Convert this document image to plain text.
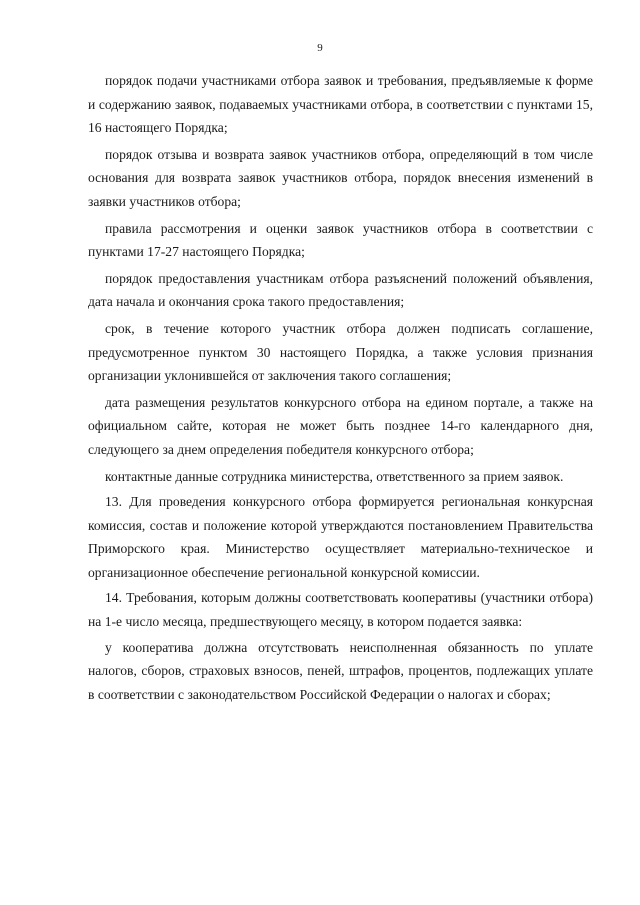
9

порядок подачи участниками отбора заявок и требования, предъявляемые к форме и содержанию заявок, подаваемых участниками отбора, в соответствии с пунктами 15, 16 настоящего Порядка;

порядок отзыва и возврата заявок участников отбора, определяющий в том числе основания для возврата заявок участников отбора, порядок внесения изменений в заявки участников отбора;

правила рассмотрения и оценки заявок участников отбора в соответствии с пунктами 17-27 настоящего Порядка;

порядок предоставления участникам отбора разъяснений положений объявления, дата начала и окончания срока такого предоставления;

срок, в течение которого участник отбора должен подписать соглашение, предусмотренное пунктом 30 настоящего Порядка, а также условия признания организации уклонившейся от заключения такого соглашения;

дата размещения результатов конкурсного отбора на едином портале, а также на официальном сайте, которая не может быть позднее 14-го календарного дня, следующего за днем определения победителя конкурсного отбора;

контактные данные сотрудника министерства, ответственного за прием заявок.

13. Для проведения конкурсного отбора формируется региональная конкурсная комиссия, состав и положение которой утверждаются постановлением Правительства Приморского края. Министерство осуществляет материально-техническое и организационное обеспечение региональной конкурсной комиссии.

14. Требования, которым должны соответствовать кооперативы (участники отбора) на 1-е число месяца, предшествующего месяцу, в котором подается заявка:

у кооператива должна отсутствовать неисполненная обязанность по уплате налогов, сборов, страховых взносов, пеней, штрафов, процентов, подлежащих уплате в соответствии с законодательством Российской Федерации о налогах и сборах;
